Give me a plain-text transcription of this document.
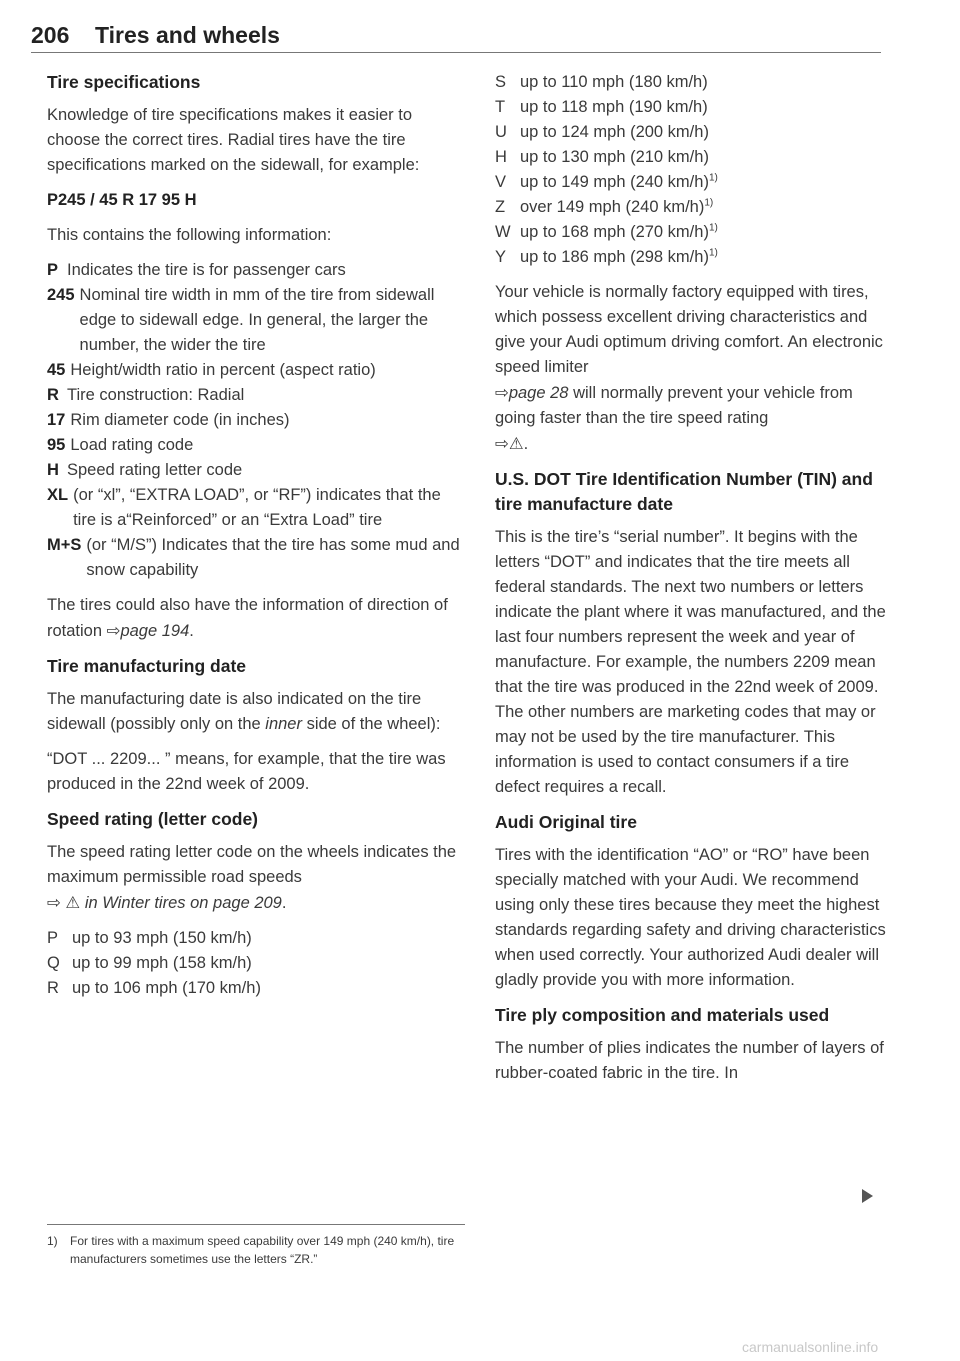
206 Tires and wheels
Tire specifications

Knowledge of tire specifications makes it easier to choose the correct tires. Radial tires have the tire specifications marked on the sidewall, for example:

P245 / 45 R 17 95 H

This contains the following information:

P Indicates the tire is for passenger cars
245 Nominal tire width in mm of the tire from sidewall edge to sidewall edge. In general, the larger the number, the wider the tire
45 Height/width ratio in percent (aspect ratio)
R Tire construction: Radial
17 Rim diameter code (in inches)
95 Load rating code
H Speed rating letter code
XL (or “xl”, “EXTRA LOAD”, or “RF”) indicates that the tire is a“Reinforced” or an “Extra Load” tire
M+S (or “M/S”) Indicates that the tire has some mud and snow capability

The tires could also have the information of direction of rotation ⇨page 194.

Tire manufacturing date

The manufacturing date is also indicated on the tire sidewall (possibly only on the inner side of the wheel):

“DOT ... 2209... ” means, for example, that the tire was produced in the 22nd week of 2009.

Speed rating (letter code)

The speed rating letter code on the wheels indicates the maximum permissible road speeds
⇨ ⚠ in Winter tires on page 209.

P up to 93 mph (150 km/h)
Q up to 99 mph (158 km/h)
R up to 106 mph (170 km/h)
1) For tires with a maximum speed capability over 149 mph (240 km/h), tire manufacturers sometimes use the letters “ZR.”
S up to 110 mph (180 km/h)
T up to 118 mph (190 km/h)
U up to 124 mph (200 km/h)
H up to 130 mph (210 km/h)
V up to 149 mph (240 km/h)$^{1)}$
Z over 149 mph (240 km/h)$^{1)}$
W up to 168 mph (270 km/h)$^{1)}$
Y up to 186 mph (298 km/h)$^{1)}$

Your vehicle is normally factory equipped with tires, which possess excellent driving characteristics and give your Audi optimum driving comfort. An electronic speed limiter
⇨page 28 will normally prevent your vehicle from going faster than the tire speed rating
⇨⚠.

U.S. DOT Tire Identification Number (TIN) and tire manufacture date

This is the tire’s “serial number”. It begins with the letters “DOT” and indicates that the tire meets all federal standards. The next two numbers or letters indicate the plant where it was manufactured, and the last four numbers represent the week and year of manufacture. For example, the numbers 2209 mean that the tire was produced in the 22nd week of 2009. The other numbers are marketing codes that may or may not be used by the tire manufacturer. This information is used to contact consumers if a tire defect requires a recall.

Audi Original tire

Tires with the identification “AO” or “RO” have been specially matched with your Audi. We recommend using only these tires because they meet the highest standards regarding safety and driving characteristics when used correctly. Your authorized Audi dealer will gladly provide you with more information.

Tire ply composition and materials used

The number of plies indicates the number of layers of rubber-coated fabric in the tire. In

carmanualsonline.info
